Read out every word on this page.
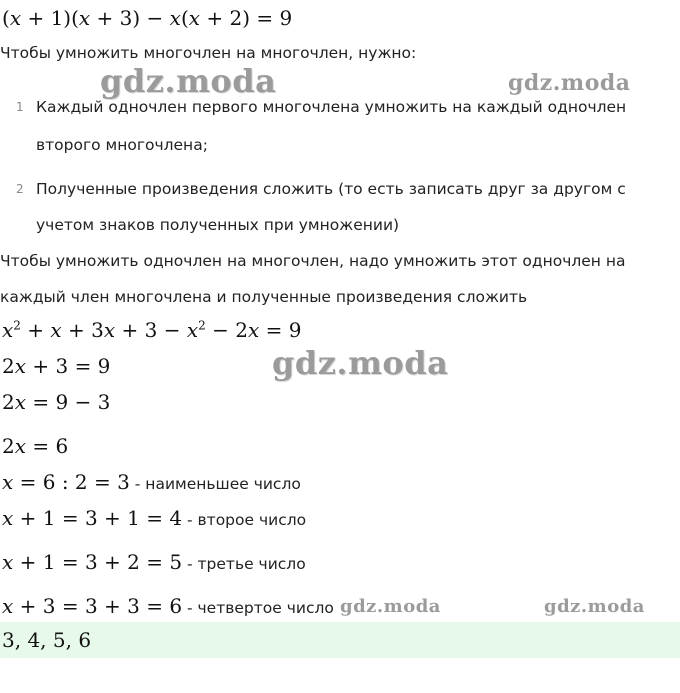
(x + 1)(x + 3) − x(x + 2) = 9
Чтобы умножить многочлен на многочлен, нужно:
gdz.moda	gdz.moda
1 Каждый одночлен первого многочлена умножить на каждый одночлен
второго многочлена;
2 Полученные произведения сложить (то есть записать друг за другом с
учетом знаков полученных при умножении)
Чтобы умножить одночлен на многочлен, надо умножить этот одночлен на
каждый член многочлена и полученные произведения сложить
$x^2 + x + 3x + 3 - x^2 - 2x = 9$
2x + 3 = 9	gdz.moda
2x = 9 − 3
2x = 6
x = 6 : 2 = 3 - наименьшее число
x + 1 = 3 + 1 = 4 - второе число
x + 1 = 3 + 2 = 5 - третье число
x + 3 = 3 + 3 = 6 - четвертое число gdz.moda	gdz.moda
3, 4, 5, 6
